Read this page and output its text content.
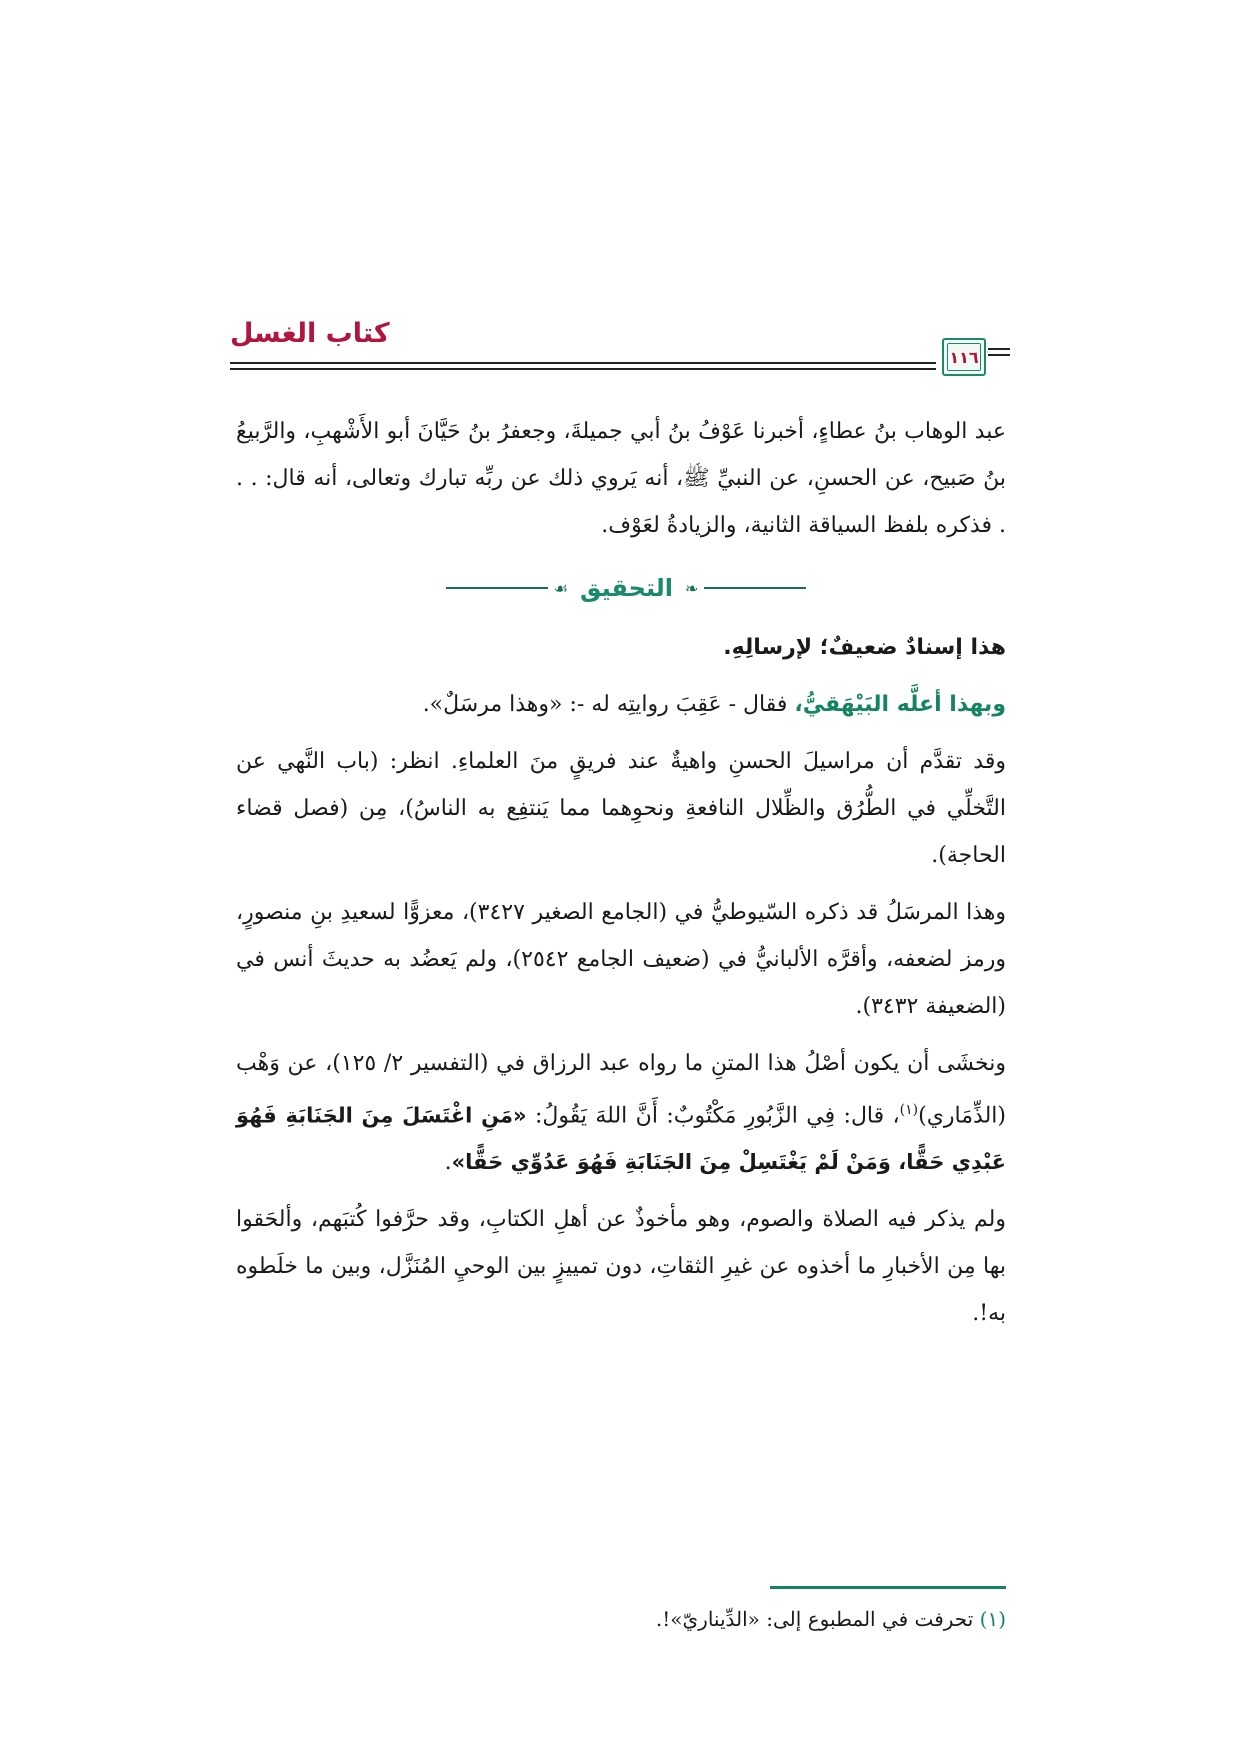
كتاب الغسل
١١٦

عبد الوهاب بنُ عطاءٍ، أخبرنا عَوْفُ بنُ أبي جميلةَ، وجعفرُ بنُ حَيَّانَ أبو الأَشْهبِ، والرَّبيعُ بنُ صَبيح، عن الحسنِ، عن النبيِّ ﷺ، أنه يَروي ذلك عن ربِّه تبارك وتعالى، أنه قال: . . . فذكره بلفظ السياقة الثانية، والزيادةُ لعَوْف.

❧
التحقيق
☙

هذا إسنادٌ ضعيفٌ؛ لإرسالِهِ.

وبهذا أعلَّه البَيْهَقيُّ، فقال - عَقِبَ روايتِه له -: «وهذا مرسَلٌ».

وقد تقدَّم أن مراسيلَ الحسنِ واهيةٌ عند فريقٍ منَ العلماءِ. انظر: (باب النَّهي عن التَّخلِّي في الطُّرُق والظِّلال النافعةِ ونحوِهما مما يَنتفِع به الناسُ)، مِن (فصل قضاء الحاجة).

وهذا المرسَلُ قد ذكره السّيوطيُّ في (الجامع الصغير ٣٤٢٧)، معزوًّا لسعيدِ بنِ منصورٍ، ورمز لضعفه، وأقرَّه الألبانيُّ في (ضعيف الجامع ٢٥٤٢)، ولم يَعضُد به حديثَ أنس في (الضعيفة ٣٤٣٢).

ونخشَى أن يكون أصْلُ هذا المتنِ ما رواه عبد الرزاق في (التفسير ٢/ ١٢٥)، عن وَهْب (الذِّمَاري)$^{(١)}$، قال: فِي الزَّبُورِ مَكْتُوبٌ: أَنَّ اللهَ يَقُولُ: «مَنِ اغْتَسَلَ مِنَ الجَنَابَةِ فَهُوَ عَبْدِي حَقًّا، وَمَنْ لَمْ يَغْتَسِلْ مِنَ الجَنَابَةِ فَهُوَ عَدُوِّي حَقًّا».

ولم يذكر فيه الصلاة والصوم، وهو مأخوذٌ عن أهلِ الكتابِ، وقد حرَّفوا كُتبَهم، وألحَقوا بها مِن الأخبارِ ما أخذوه عن غيرِ الثقاتِ، دون تمييزٍ بين الوحيِ المُنَزَّل، وبين ما خلَطوه به!.

(١) تحرفت في المطبوع إلى: «الدِّيناريّ»!.
